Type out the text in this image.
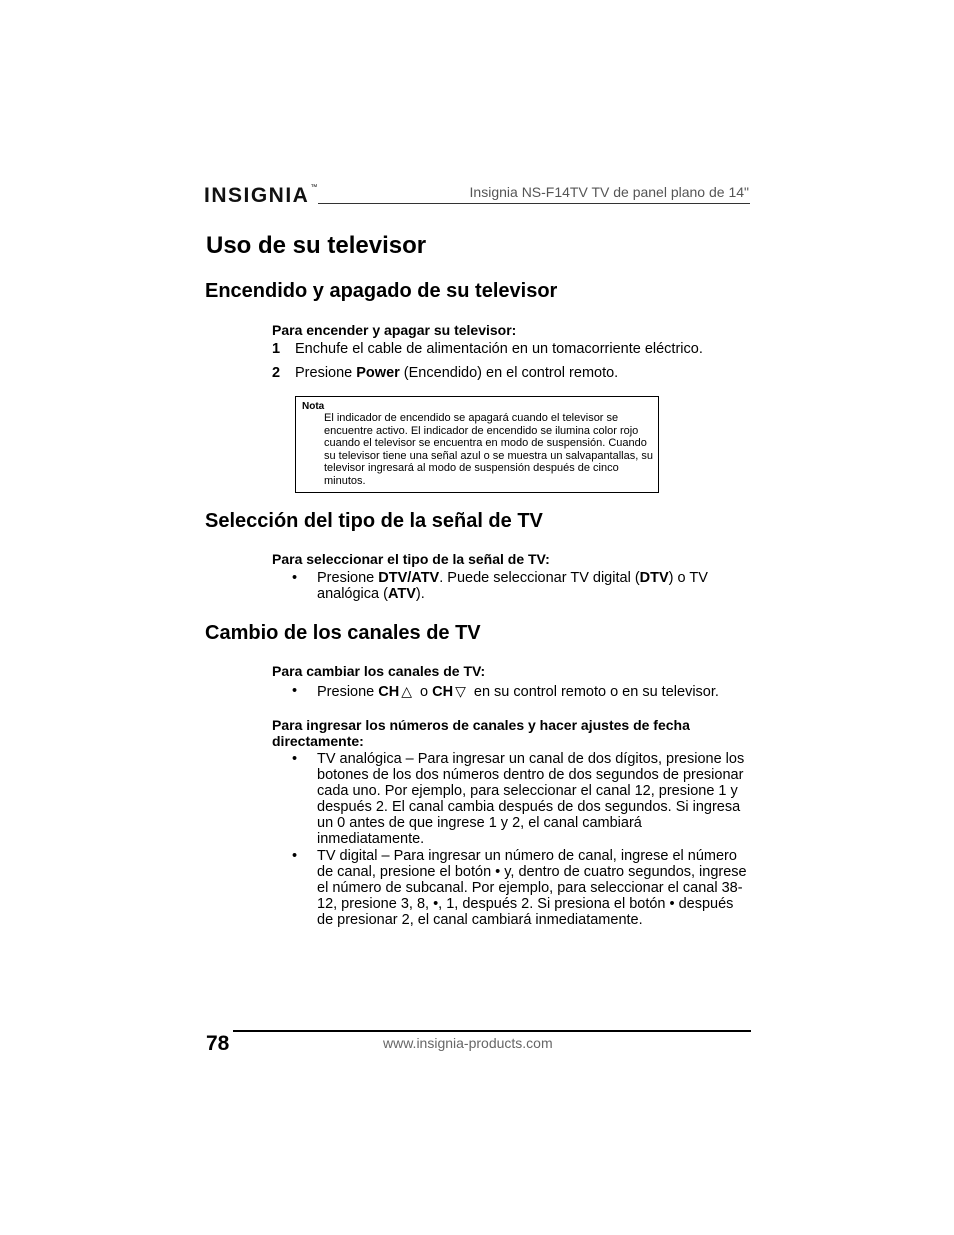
INSIGNIA™	Insignia NS-F14TV TV de panel plano de 14"
Uso de su televisor
Encendido y apagado de su televisor
Para encender y apagar su televisor:
1 Enchufe el cable de alimentación en un tomacorriente eléctrico.
2 Presione Power (Encendido) en el control remoto.
Nota
El indicador de encendido se apagará cuando el televisor se encuentre activo. El indicador de encendido se ilumina color rojo cuando el televisor se encuentra en modo de suspensión. Cuando su televisor tiene una señal azul o se muestra un salvapantallas, su televisor ingresará al modo de suspensión después de cinco minutos.
Selección del tipo de la señal de TV
Para seleccionar el tipo de la señal de TV:
• Presione DTV/ATV. Puede seleccionar TV digital (DTV) o TV analógica (ATV).
Cambio de los canales de TV
Para cambiar los canales de TV:
• Presione CH △ o CH ▽ en su control remoto o en su televisor.
Para ingresar los números de canales y hacer ajustes de fecha directamente:
• TV analógica – Para ingresar un canal de dos dígitos, presione los botones de los dos números dentro de dos segundos de presionar cada uno. Por ejemplo, para seleccionar el canal 12, presione 1 y después 2. El canal cambia después de dos segundos. Si ingresa un 0 antes de que ingrese 1 y 2, el canal cambiará inmediatamente.
• TV digital – Para ingresar un número de canal, ingrese el número de canal, presione el botón • y, dentro de cuatro segundos, ingrese el número de subcanal. Por ejemplo, para seleccionar el canal 38-12, presione 3, 8, •, 1, después 2. Si presiona el botón • después de presionar 2, el canal cambiará inmediatamente.
78	www.insignia-products.com
